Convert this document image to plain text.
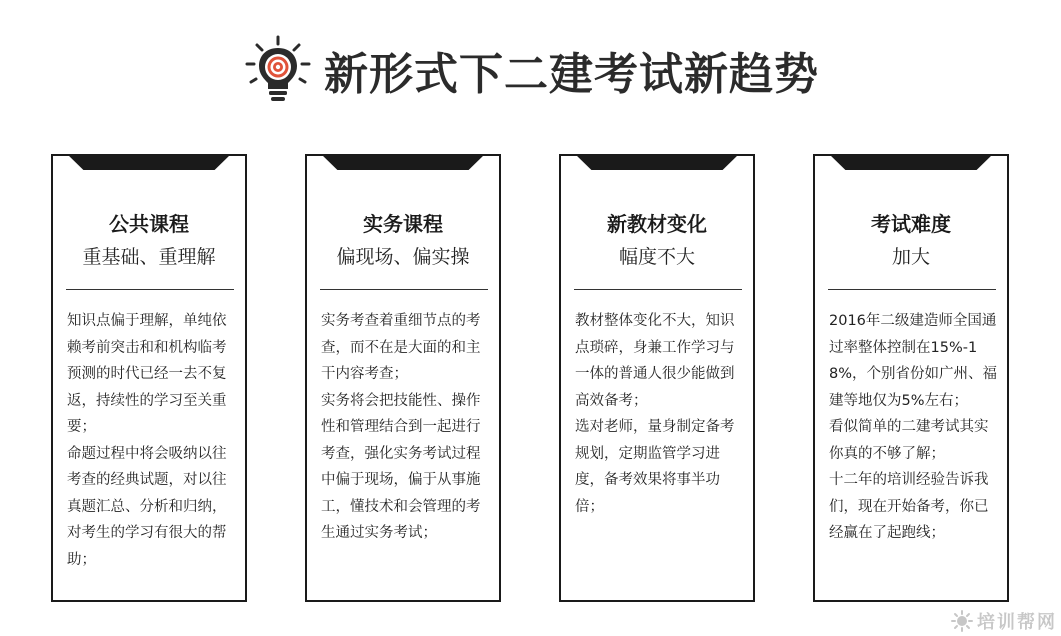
新形式下二建考试新趋势
公共课程
重基础、重理解

知识点偏于理解，单纯依赖考前突击和和机构临考预测的时代已经一去不复返，持续性的学习至关重要；

命题过程中将会吸纳以往考查的经典试题，对以往真题汇总、分析和归纳，对考生的学习有很大的帮助；

实务课程
偏现场、偏实操

实务考查着重细节点的考查，而不在是大面的和主干内容考查；

实务将会把技能性、操作性和管理结合到一起进行考查，强化实务考试过程中偏于现场，偏于从事施工，懂技术和会管理的考生通过实务考试；

新教材变化
幅度不大

教材整体变化不大，知识点琐碎，身兼工作学习与一体的普通人很少能做到高效备考；

选对老师，量身制定备考规划，定期监管学习进度，备考效果将事半功倍；

考试难度
加大

2016年二级建造师全国通过率整体控制在15%-18%，个别省份如广州、福建等地仅为5%左右；

看似简单的二建考试其实你真的不够了解；

十二年的培训经验告诉我们，现在开始备考，你已经赢在了起跑线；

培训帮网
